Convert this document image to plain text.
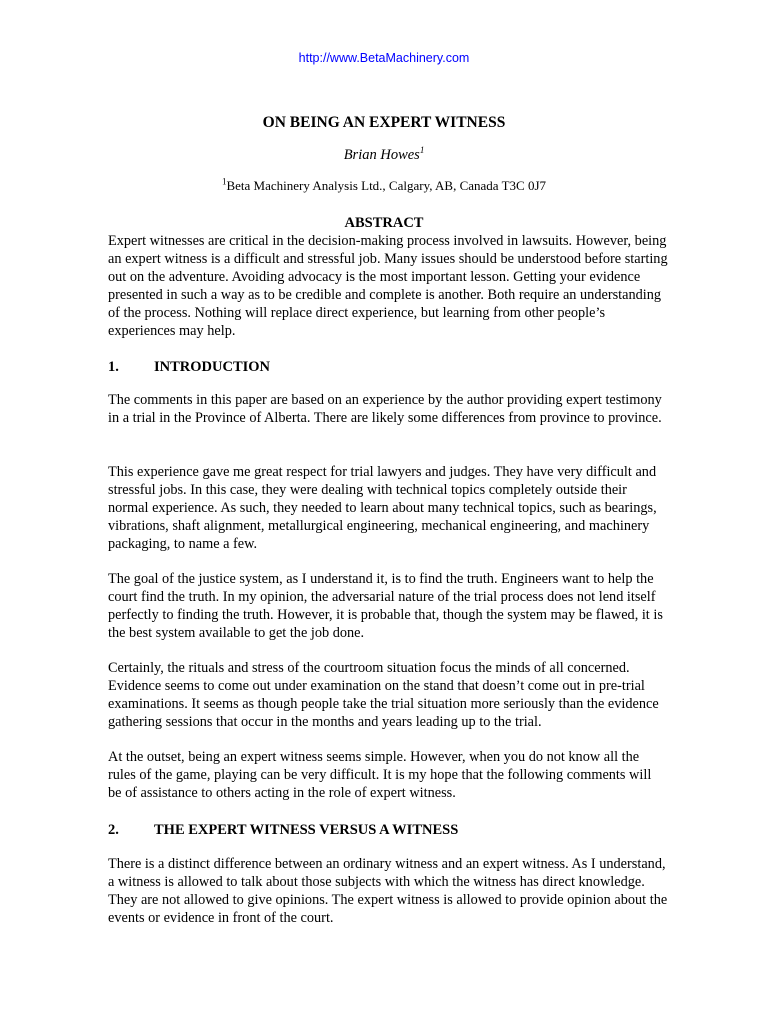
http://www.BetaMachinery.com
ON BEING AN EXPERT WITNESS
Brian Howes$^1$
$^1$Beta Machinery Analysis Ltd., Calgary, AB, Canada T3C 0J7
ABSTRACT

Expert witnesses are critical in the decision-making process involved in lawsuits. However, being an expert witness is a difficult and stressful job. Many issues should be understood before starting out on the adventure. Avoiding advocacy is the most important lesson. Getting your evidence presented in such a way as to be credible and complete is another. Both require an understanding of the process. Nothing will replace direct experience, but learning from other people’s experiences may help.

1. INTRODUCTION

The comments in this paper are based on an experience by the author providing expert testimony in a trial in the Province of Alberta. There are likely some differences from province to province.

This experience gave me great respect for trial lawyers and judges. They have very difficult and stressful jobs. In this case, they were dealing with technical topics completely outside their normal experience. As such, they needed to learn about many technical topics, such as bearings, vibrations, shaft alignment, metallurgical engineering, mechanical engineering, and machinery packaging, to name a few.

The goal of the justice system, as I understand it, is to find the truth. Engineers want to help the court find the truth. In my opinion, the adversarial nature of the trial process does not lend itself perfectly to finding the truth. However, it is probable that, though the system may be flawed, it is the best system available to get the job done.

Certainly, the rituals and stress of the courtroom situation focus the minds of all concerned. Evidence seems to come out under examination on the stand that doesn’t come out in pre-trial examinations. It seems as though people take the trial situation more seriously than the evidence gathering sessions that occur in the months and years leading up to the trial.

At the outset, being an expert witness seems simple. However, when you do not know all the rules of the game, playing can be very difficult. It is my hope that the following comments will be of assistance to others acting in the role of expert witness.

2. THE EXPERT WITNESS VERSUS A WITNESS

There is a distinct difference between an ordinary witness and an expert witness. As I understand, a witness is allowed to talk about those subjects with which the witness has direct knowledge. They are not allowed to give opinions. The expert witness is allowed to provide opinion about the events or evidence in front of the court.
